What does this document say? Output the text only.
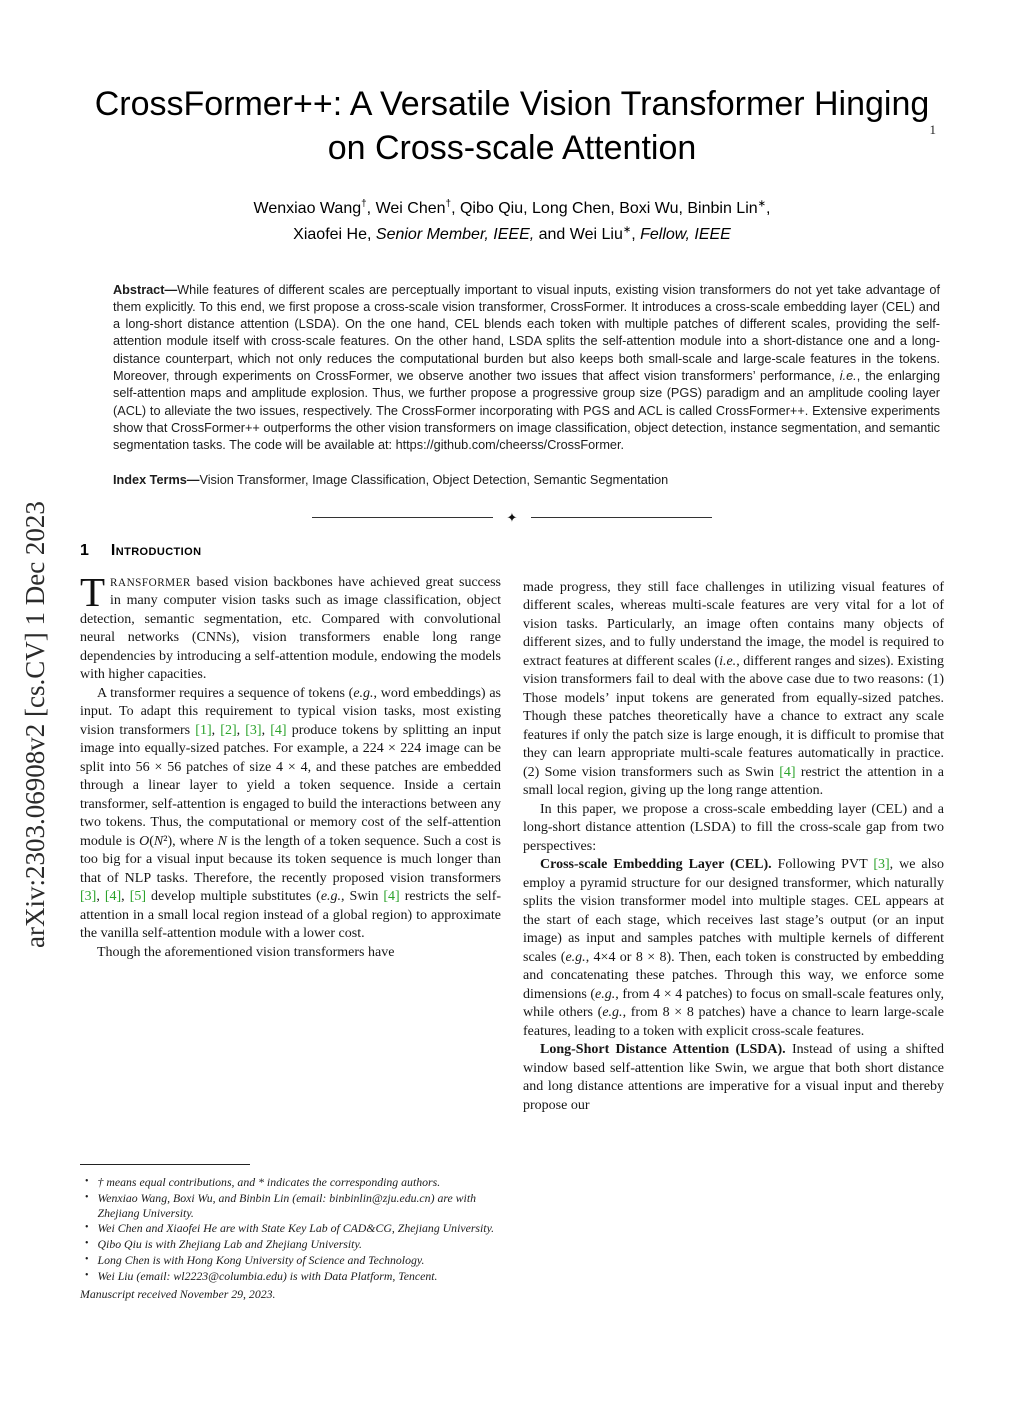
1
arXiv:2303.06908v2 [cs.CV] 1 Dec 2023
CrossFormer++: A Versatile Vision Transformer Hinging on Cross-scale Attention
Wenxiao Wang†, Wei Chen†, Qibo Qiu, Long Chen, Boxi Wu, Binbin Lin∗,
Xiaofei He, Senior Member, IEEE, and Wei Liu∗, Fellow, IEEE

Abstract—While features of different scales are perceptually important to visual inputs, existing vision transformers do not yet take advantage of them explicitly. To this end, we first propose a cross-scale vision transformer, CrossFormer. It introduces a cross-scale embedding layer (CEL) and a long-short distance attention (LSDA). On the one hand, CEL blends each token with multiple patches of different scales, providing the self-attention module itself with cross-scale features. On the other hand, LSDA splits the self-attention module into a short-distance one and a long-distance counterpart, which not only reduces the computational burden but also keeps both small-scale and large-scale features in the tokens. Moreover, through experiments on CrossFormer, we observe another two issues that affect vision transformers’ performance, i.e., the enlarging self-attention maps and amplitude explosion. Thus, we further propose a progressive group size (PGS) paradigm and an amplitude cooling layer (ACL) to alleviate the two issues, respectively. The CrossFormer incorporating with PGS and ACL is called CrossFormer++. Extensive experiments show that CrossFormer++ outperforms the other vision transformers on image classification, object detection, instance segmentation, and semantic segmentation tasks. The code will be available at: https://github.com/cheerss/CrossFormer.

Index Terms—Vision Transformer, Image Classification, Object Detection, Semantic Segmentation

✦
1 Introduction

TRANSFORMER based vision backbones have achieved great success in many computer vision tasks such as image classification, object detection, semantic segmentation, etc. Compared with convolutional neural networks (CNNs), vision transformers enable long range dependencies by introducing a self-attention module, endowing the models with higher capacities.

A transformer requires a sequence of tokens (e.g., word embeddings) as input. To adapt this requirement to typical vision tasks, most existing vision transformers [1], [2], [3], [4] produce tokens by splitting an input image into equally-sized patches. For example, a 224 × 224 image can be split into 56 × 56 patches of size 4 × 4, and these patches are embedded through a linear layer to yield a token sequence. Inside a certain transformer, self-attention is engaged to build the interactions between any two tokens. Thus, the computational or memory cost of the self-attention module is O(N²), where N is the length of a token sequence. Such a cost is too big for a visual input because its token sequence is much longer than that of NLP tasks. Therefore, the recently proposed vision transformers [3], [4], [5] develop multiple substitutes (e.g., Swin [4] restricts the self-attention in a small local region instead of a global region) to approximate the vanilla self-attention module with a lower cost.

Though the aforementioned vision transformers have

made progress, they still face challenges in utilizing visual features of different scales, whereas multi-scale features are very vital for a lot of vision tasks. Particularly, an image often contains many objects of different sizes, and to fully understand the image, the model is required to extract features at different scales (i.e., different ranges and sizes). Existing vision transformers fail to deal with the above case due to two reasons: (1) Those models’ input tokens are generated from equally-sized patches. Though these patches theoretically have a chance to extract any scale features if only the patch size is large enough, it is difficult to promise that they can learn appropriate multi-scale features automatically in practice. (2) Some vision transformers such as Swin [4] restrict the attention in a small local region, giving up the long range attention.

In this paper, we propose a cross-scale embedding layer (CEL) and a long-short distance attention (LSDA) to fill the cross-scale gap from two perspectives:

Cross-scale Embedding Layer (CEL). Following PVT [3], we also employ a pyramid structure for our designed transformer, which naturally splits the vision transformer model into multiple stages. CEL appears at the start of each stage, which receives last stage’s output (or an input image) as input and samples patches with multiple kernels of different scales (e.g., 4×4 or 8 × 8). Then, each token is constructed by embedding and concatenating these patches. Through this way, we enforce some dimensions (e.g., from 4 × 4 patches) to focus on small-scale features only, while others (e.g., from 8 × 8 patches) have a chance to learn large-scale features, leading to a token with explicit cross-scale features.

Long-Short Distance Attention (LSDA). Instead of using a shifted window based self-attention like Swin, we argue that both short distance and long distance attentions are imperative for a visual input and thereby propose our

• † means equal contributions, and * indicates the corresponding authors.
• Wenxiao Wang, Boxi Wu, and Binbin Lin (email: binbinlin@zju.edu.cn) are with Zhejiang University.
• Wei Chen and Xiaofei He are with State Key Lab of CAD&CG, Zhejiang University.
• Qibo Qiu is with Zhejiang Lab and Zhejiang University.
• Long Chen is with Hong Kong University of Science and Technology.
• Wei Liu (email: wl2223@columbia.edu) is with Data Platform, Tencent.
Manuscript received November 29, 2023.
